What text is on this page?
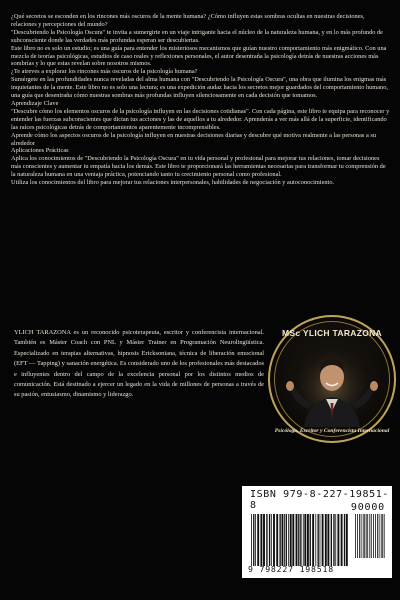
¿Qué secretos se esconden en los rincones más oscuros de la mente humana? ¿Cómo influyen estas sombras ocultas en nuestras decisiones, relaciones y percepciones del mundo?

"Descubriendo la Psicología Oscura" te invita a sumergirte en un viaje intrigante hacia el núcleo de la naturaleza humana, y en lo más profundo de subconsciente donde las verdades más profundas esperan ser descubiertas.

Este libro no es solo un estudio; es una guía para entender los misteriosos mecanismos que guían nuestro comportamiento más enigmático. Con una mezcla de teorías psicológicas, estudios de caso reales y reflexiones personales, el autor desentraña la psicología detrás de nuestras acciones más sombrías y lo que estas revelan sobre nosotros mismos.

¿Te atreves a explorar los rincones más oscuros de la psicología humana?

Sumérgete en las profundidades nunca reveladas del alma humana con "Descubriendo la Psicología Oscura", una obra que ilumina los enigmas más inquietantes de la mente. Este libro no es solo una lectura; es una expedición audaz hacia los secretos mejor guardados del comportamiento humano, una guía que desentraña cómo nuestras sombras más profundas influyen silenciosamente en cada decisión que tomamos.

Aprendizaje Clave

"Descubre cómo los elementos oscuros de la psicología influyen en las decisiones cotidianas". Con cada página, este libro te equipa para reconocer y entender las fuerzas subconscientes que dictan tus acciones y las de aquellos a tu alrededor. Aprenderás a ver más allá de la superficie, identificando las raíces psicológicas detrás de comportamientos aparentemente incomprensibles.

Aprende cómo los aspectos oscuros de la psicología influyen en nuestras decisiones diarias y descubre qué motiva realmente a las personas a su alrededor

Aplicaciones Prácticas

Aplica los conocimientos de "Descubriendo la Psicología Oscura" en tu vida personal y profesional para mejorar tus relaciones, tomar decisiones más conscientes y aumentar tu empatía hacia los demás. Este libro te proporcionará las herramientas necesarias para transformar tu comprensión de la naturaleza humana en una ventaja práctica, potenciando tanto tu crecimiento personal como profesional.

Utiliza los conocimientos del libro para mejorar tus relaciones interpersonales, habilidades de negociación y autoconocimiento.

YLICH TARAZONA es un reconocido psicoterapeuta, escritor y conferencista internacional. También es Máster Coach con PNL y Máster Trainer en Programación Neurolingüística. Especializado en terapias alternativas, hipnosis Ericksoniana, técnica de liberación emocional (EFT — Tapping) y sanación energética. Es considerado uno de los profesionales más destacados e influyentes dentro del campo de la excelencia personal por los distintos medios de comunicación. Está destinado a ejercer un legado en la vida de millones de personas a través de su pasión, entusiasmo, dinamismo y liderazgo.
MSc YLICH TARAZONA
Psicólogo, Escritor y Conferencista Internacional
ISBN 979-8-227-19851-8	90000
9 798227 198518
